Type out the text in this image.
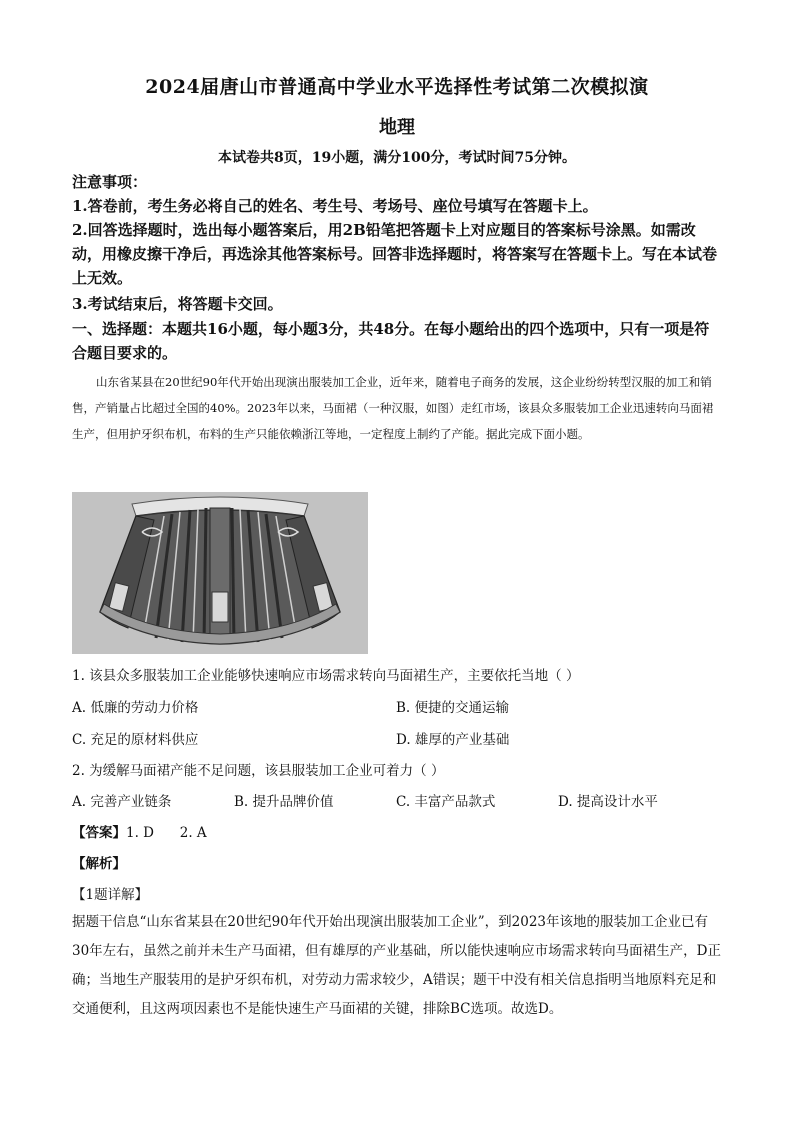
2024届唐山市普通高中学业水平选择性考试第二次模拟演
地理
本试卷共8页，19小题，满分100分，考试时间75分钟。
注意事项：
1.答卷前，考生务必将自己的姓名、考生号、考场号、座位号填写在答题卡上。
2.回答选择题时，选出每小题答案后，用2B铅笔把答题卡上对应题目的答案标号涂黑。如需改动，用橡皮擦干净后，再选涂其他答案标号。回答非选择题时，将答案写在答题卡上。写在本试卷上无效。
3.考试结束后，将答题卡交回。
一、选择题：本题共16小题，每小题3分，共48分。在每小题给出的四个选项中，只有一项是符合题目要求的。
山东省某县在20世纪90年代开始出现演出服装加工企业，近年来，随着电子商务的发展，这企业纷纷转型汉服的加工和销售，产销量占比超过全国的40%。2023年以来，马面裙（一种汉服，如图）走红市场，该县众多服装加工企业迅速转向马面裙生产，但用护牙织布机，布料的生产只能依赖浙江等地，一定程度上制约了产能。据此完成下面小题。
1. 该县众多服装加工企业能够快速响应市场需求转向马面裙生产，主要依托当地（ ）
A. 低廉的劳动力价格	B. 便捷的交通运输
C. 充足的原材料供应	D. 雄厚的产业基础
2. 为缓解马面裙产能不足问题，该县服装加工企业可着力（ ）
A. 完善产业链条	B. 提升品牌价值	C. 丰富产品款式	D. 提高设计水平
【答案】1. D      2. A
【解析】
【1题详解】
据题干信息“山东省某县在20世纪90年代开始出现演出服装加工企业”，到2023年该地的服装加工企业已有30年左右，虽然之前并未生产马面裙，但有雄厚的产业基础，所以能快速响应市场需求转向马面裙生产，D正确；当地生产服装用的是护牙织布机，对劳动力需求较少，A错误；题干中没有相关信息指明当地原料充足和交通便利，且这两项因素也不是能快速生产马面裙的关键，排除BC选项。故选D。
